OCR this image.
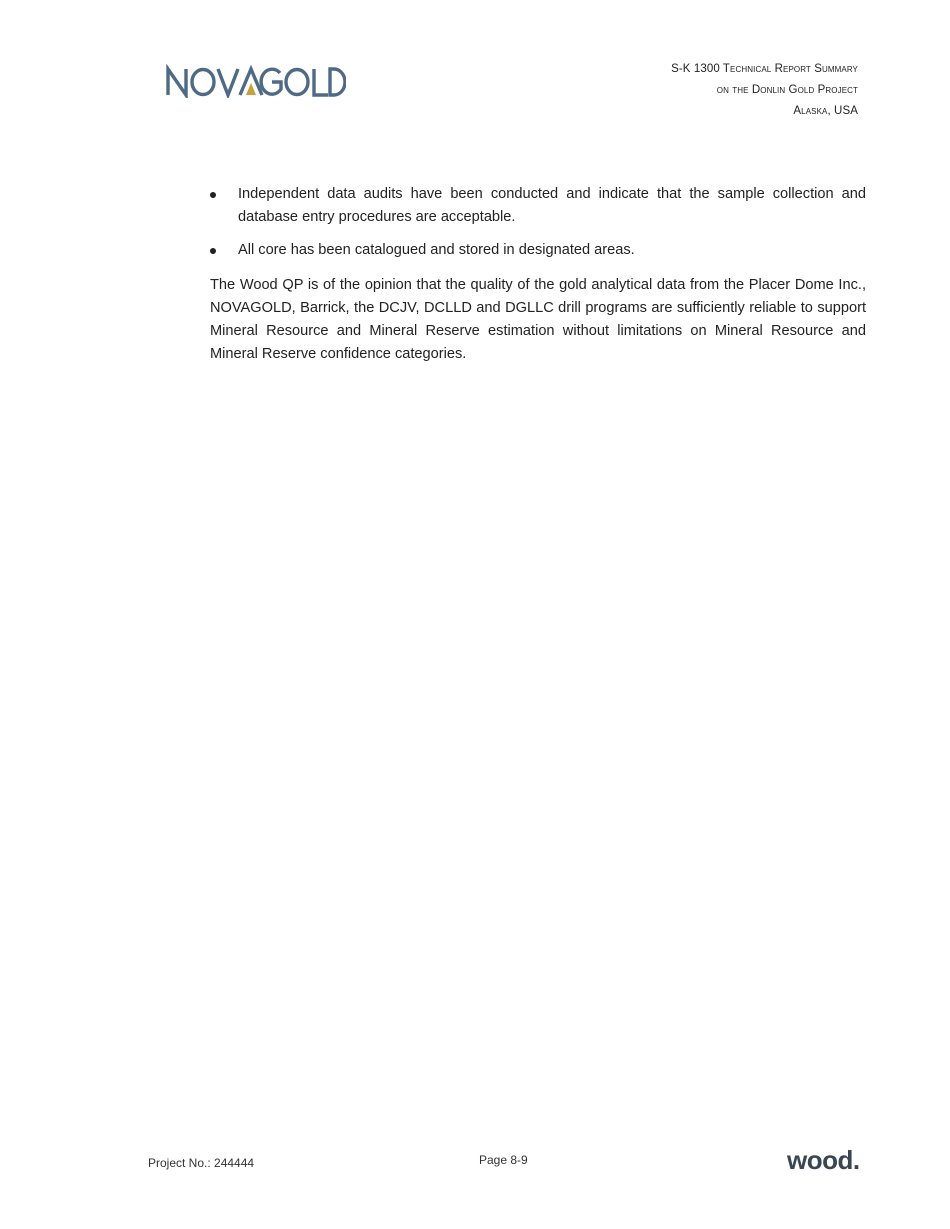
S-K 1300 Technical Report Summary
on the Donlin Gold Project
Alaska, USA
Independent data audits have been conducted and indicate that the sample collection and database entry procedures are acceptable.
All core has been catalogued and stored in designated areas.

The Wood QP is of the opinion that the quality of the gold analytical data from the Placer Dome Inc., NOVAGOLD, Barrick, the DCJV, DCLLD and DGLLC drill programs are sufficiently reliable to support Mineral Resource and Mineral Reserve estimation without limitations on Mineral Resource and Mineral Reserve confidence categories.

Project No.: 244444	Page 8-9	wood.
